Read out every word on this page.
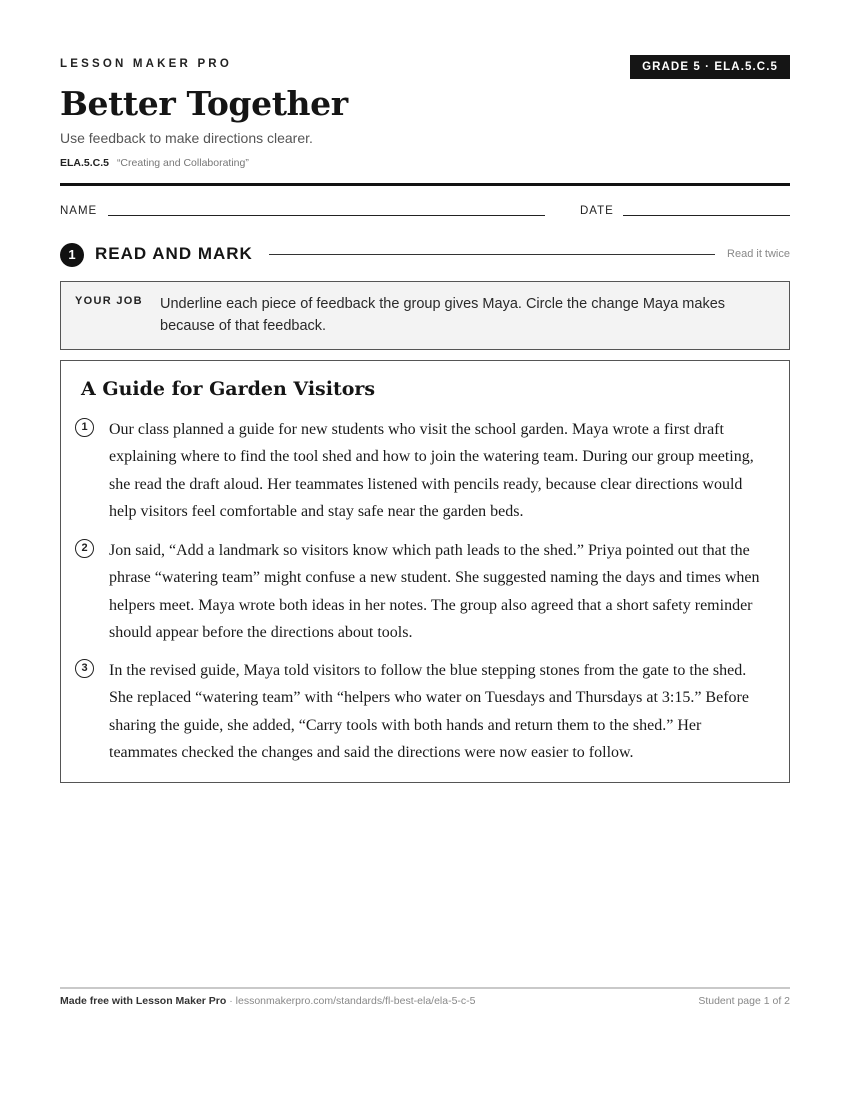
LESSON MAKER PRO	GRADE 5 · ELA.5.C.5
Better Together
Use feedback to make directions clearer.
ELA.5.C.5 “Creating and Collaborating”
NAME	DATE
1	READ AND MARK	Read it twice
YOUR JOB Underline each piece of feedback the group gives Maya. Circle the change Maya makes because of that feedback.
A Guide for Garden Visitors
1	Our class planned a guide for new students who visit the school garden. Maya wrote a first draft explaining where to find the tool shed and how to join the watering team. During our group meeting, she read the draft aloud. Her teammates listened with pencils ready, because clear directions would help visitors feel comfortable and stay safe near the garden beds.
2	Jon said, “Add a landmark so visitors know which path leads to the shed.” Priya pointed out that the phrase “watering team” might confuse a new student. She suggested naming the days and times when helpers meet. Maya wrote both ideas in her notes. The group also agreed that a short safety reminder should appear before the directions about tools.
3	In the revised guide, Maya told visitors to follow the blue stepping stones from the gate to the shed. She replaced “watering team” with “helpers who water on Tuesdays and Thursdays at 3:15.” Before sharing the guide, she added, “Carry tools with both hands and return them to the shed.” Her teammates checked the changes and said the directions were now easier to follow.
Made free with Lesson Maker Pro · lessonmakerpro.com/standards/fl-best-ela/ela-5-c-5	Student page 1 of 2
